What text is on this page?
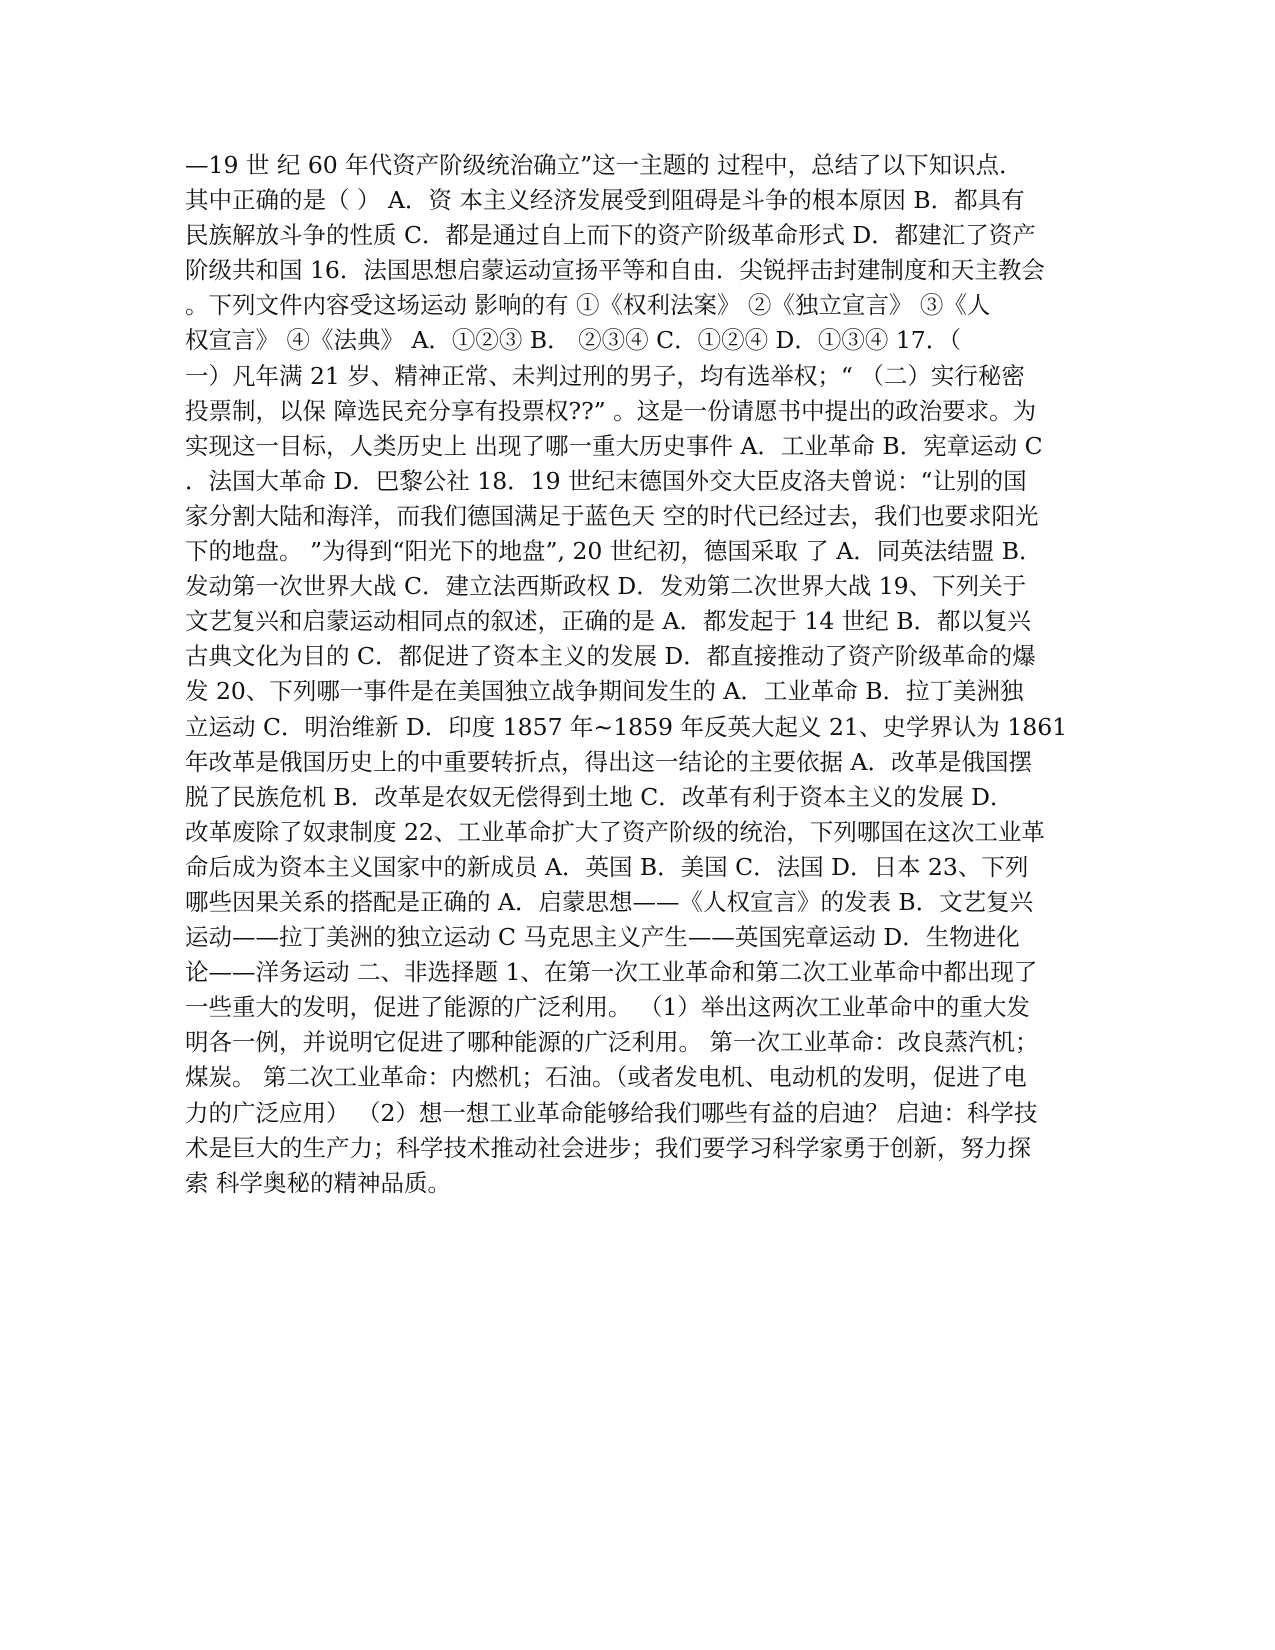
—19 世 纪 60 年代资产阶级统治确立”这一主题的 过程中，总结了以下知识点．
其中正确的是（ ） A．资 本主义经济发展受到阻碍是斗争的根本原因 B．都具有
民族解放斗争的性质 C．都是通过自上而下的资产阶级革命形式 D．都建汇了资产
阶级共和国 16．法国思想启蒙运动宣扬平等和自由．尖锐抨击封建制度和天主教会
。下列文件内容受这场运动 影响的有 ①《权利法案》 ②《独立宣言》 ③《人
权宣言》 ④《法典》 A．①②③ B． ②③④ C．①②④ D．①③④ 17．（
一）凡年满 21 岁、精神正常、未判过刑的男子，均有选举权；“ （二）实行秘密
投票制，以保 障选民充分享有投票权??” 。这是一份请愿书中提出的政治要求。为
实现这一目标，人类历史上 出现了哪一重大历史事件 A．工业革命 B．宪章运动 C
．法国大革命 D．巴黎公社 18．19 世纪末德国外交大臣皮洛夫曾说：“让别的国
家分割大陆和海洋，而我们德国满足于蓝色天 空的时代已经过去，我们也要求阳光
下的地盘。 ”为得到“阳光下的地盘”, 20 世纪初，德国采取 了 A．同英法结盟 B．
发动第一次世界大战 C．建立法西斯政权 D．发劝第二次世界大战 19、下列关于
文艺复兴和启蒙运动相同点的叙述，正确的是 A．都发起于 14 世纪 B．都以复兴
古典文化为目的 C．都促进了资本主义的发展 D．都直接推动了资产阶级革命的爆
发 20、下列哪一事件是在美国独立战争期间发生的 A．工业革命 B．拉丁美洲独
立运动 C．明治维新 D．印度 1857 年~1859 年反英大起义 21、史学界认为 1861
年改革是俄国历史上的中重要转折点，得出这一结论的主要依据 A．改革是俄国摆
脱了民族危机 B．改革是农奴无偿得到土地 C．改革有利于资本主义的发展 D．
改革废除了奴隶制度 22、工业革命扩大了资产阶级的统治，下列哪国在这次工业革
命后成为资本主义国家中的新成员 A．英国 B．美国 C．法国 D．日本 23、下列
哪些因果关系的搭配是正确的 A．启蒙思想——《人权宣言》的发表 B．文艺复兴
运动——拉丁美洲的独立运动 C 马克思主义产生——英国宪章运动 D．生物进化
论——洋务运动 二、非选择题 1、在第一次工业革命和第二次工业革命中都出现了
一些重大的发明，促进了能源的广泛利用。 （1）举出这两次工业革命中的重大发
明各一例，并说明它促进了哪种能源的广泛利用。 第一次工业革命：改良蒸汽机；
煤炭。 第二次工业革命：内燃机；石油。（或者发电机、电动机的发明，促进了电
力的广泛应用） （2）想一想工业革命能够给我们哪些有益的启迪？ 启迪：科学技
术是巨大的生产力；科学技术推动社会进步；我们要学习科学家勇于创新，努力探
索 科学奥秘的精神品质。
